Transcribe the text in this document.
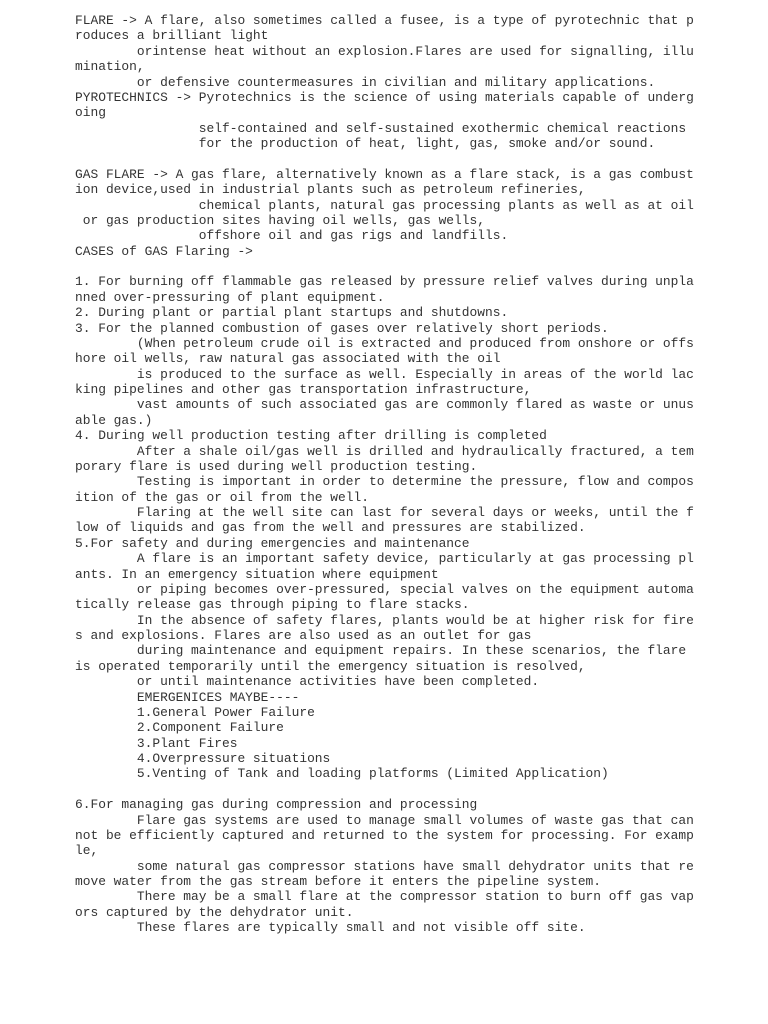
FLARE -> A flare, also sometimes called a fusee, is a type of pyrotechnic that p
roduces a brilliant light
orintense heat without an explosion.Flares are used for signalling, illu
mination,
or defensive countermeasures in civilian and military applications.
PYROTECHNICS -> Pyrotechnics is the science of using materials capable of underg
oing
self-contained and self-sustained exothermic chemical reactions
for the production of heat, light, gas, smoke and/or sound.
GAS FLARE -> A gas flare, alternatively known as a flare stack, is a gas combust
ion device,used in industrial plants such as petroleum refineries,
chemical plants, natural gas processing plants as well as at oil
or gas production sites having oil wells, gas wells,
offshore oil and gas rigs and landfills.
CASES of GAS Flaring ->
1. For burning off flammable gas released by pressure relief valves during unpla
nned over-pressuring of plant equipment.
2. During plant or partial plant startups and shutdowns.
3. For the planned combustion of gases over relatively short periods.
(When petroleum crude oil is extracted and produced from onshore or offs
hore oil wells, raw natural gas associated with the oil
is produced to the surface as well. Especially in areas of the world lac
king pipelines and other gas transportation infrastructure,
vast amounts of such associated gas are commonly flared as waste or unus
able gas.)
4. During well production testing after drilling is completed
After a shale oil/gas well is drilled and hydraulically fractured, a tem
porary flare is used during well production testing.
Testing is important in order to determine the pressure, flow and compos
ition of the gas or oil from the well.
Flaring at the well site can last for several days or weeks, until the f
low of liquids and gas from the well and pressures are stabilized.
5.For safety and during emergencies and maintenance
A flare is an important safety device, particularly at gas processing pl
ants. In an emergency situation where equipment
or piping becomes over-pressured, special valves on the equipment automa
tically release gas through piping to flare stacks.
In the absence of safety flares, plants would be at higher risk for fire
s and explosions. Flares are also used as an outlet for gas
during maintenance and equipment repairs. In these scenarios, the flare
is operated temporarily until the emergency situation is resolved,
or until maintenance activities have been completed.
EMERGENICES MAYBE----
1.General Power Failure
2.Component Failure
3.Plant Fires
4.Overpressure situations
5.Venting of Tank and loading platforms (Limited Application)
6.For managing gas during compression and processing
Flare gas systems are used to manage small volumes of waste gas that can
not be efficiently captured and returned to the system for processing. For examp
le,
some natural gas compressor stations have small dehydrator units that re
move water from the gas stream before it enters the pipeline system.
There may be a small flare at the compressor station to burn off gas vap
ors captured by the dehydrator unit.
These flares are typically small and not visible off site.
